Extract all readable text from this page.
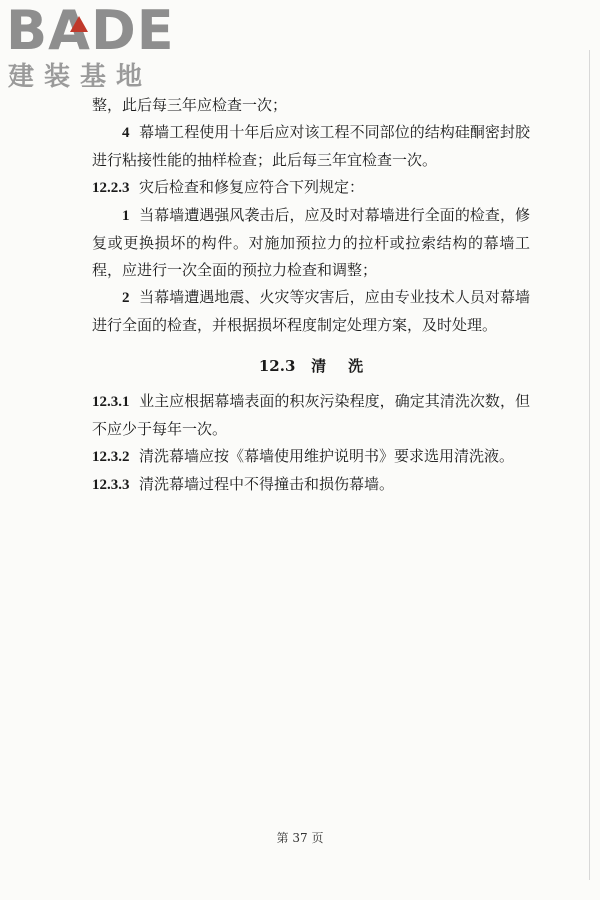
BADE
建装基地

整，此后每三年应检查一次；

4 幕墙工程使用十年后应对该工程不同部位的结构硅酮密封胶进行粘接性能的抽样检查；此后每三年宜检查一次。

12.2.3 灾后检查和修复应符合下列规定：

1 当幕墙遭遇强风袭击后，应及时对幕墙进行全面的检查，修复或更换损坏的构件。对施加预拉力的拉杆或拉索结构的幕墙工程，应进行一次全面的预拉力检查和调整；

2 当幕墙遭遇地震、火灾等灾害后，应由专业技术人员对幕墙进行全面的检查，并根据损坏程度制定处理方案，及时处理。

12.3 清 洗

12.3.1 业主应根据幕墙表面的积灰污染程度，确定其清洗次数，但不应少于每年一次。

12.3.2 清洗幕墙应按《幕墙使用维护说明书》要求选用清洗液。

12.3.3 清洗幕墙过程中不得撞击和损伤幕墙。

第 37 页
